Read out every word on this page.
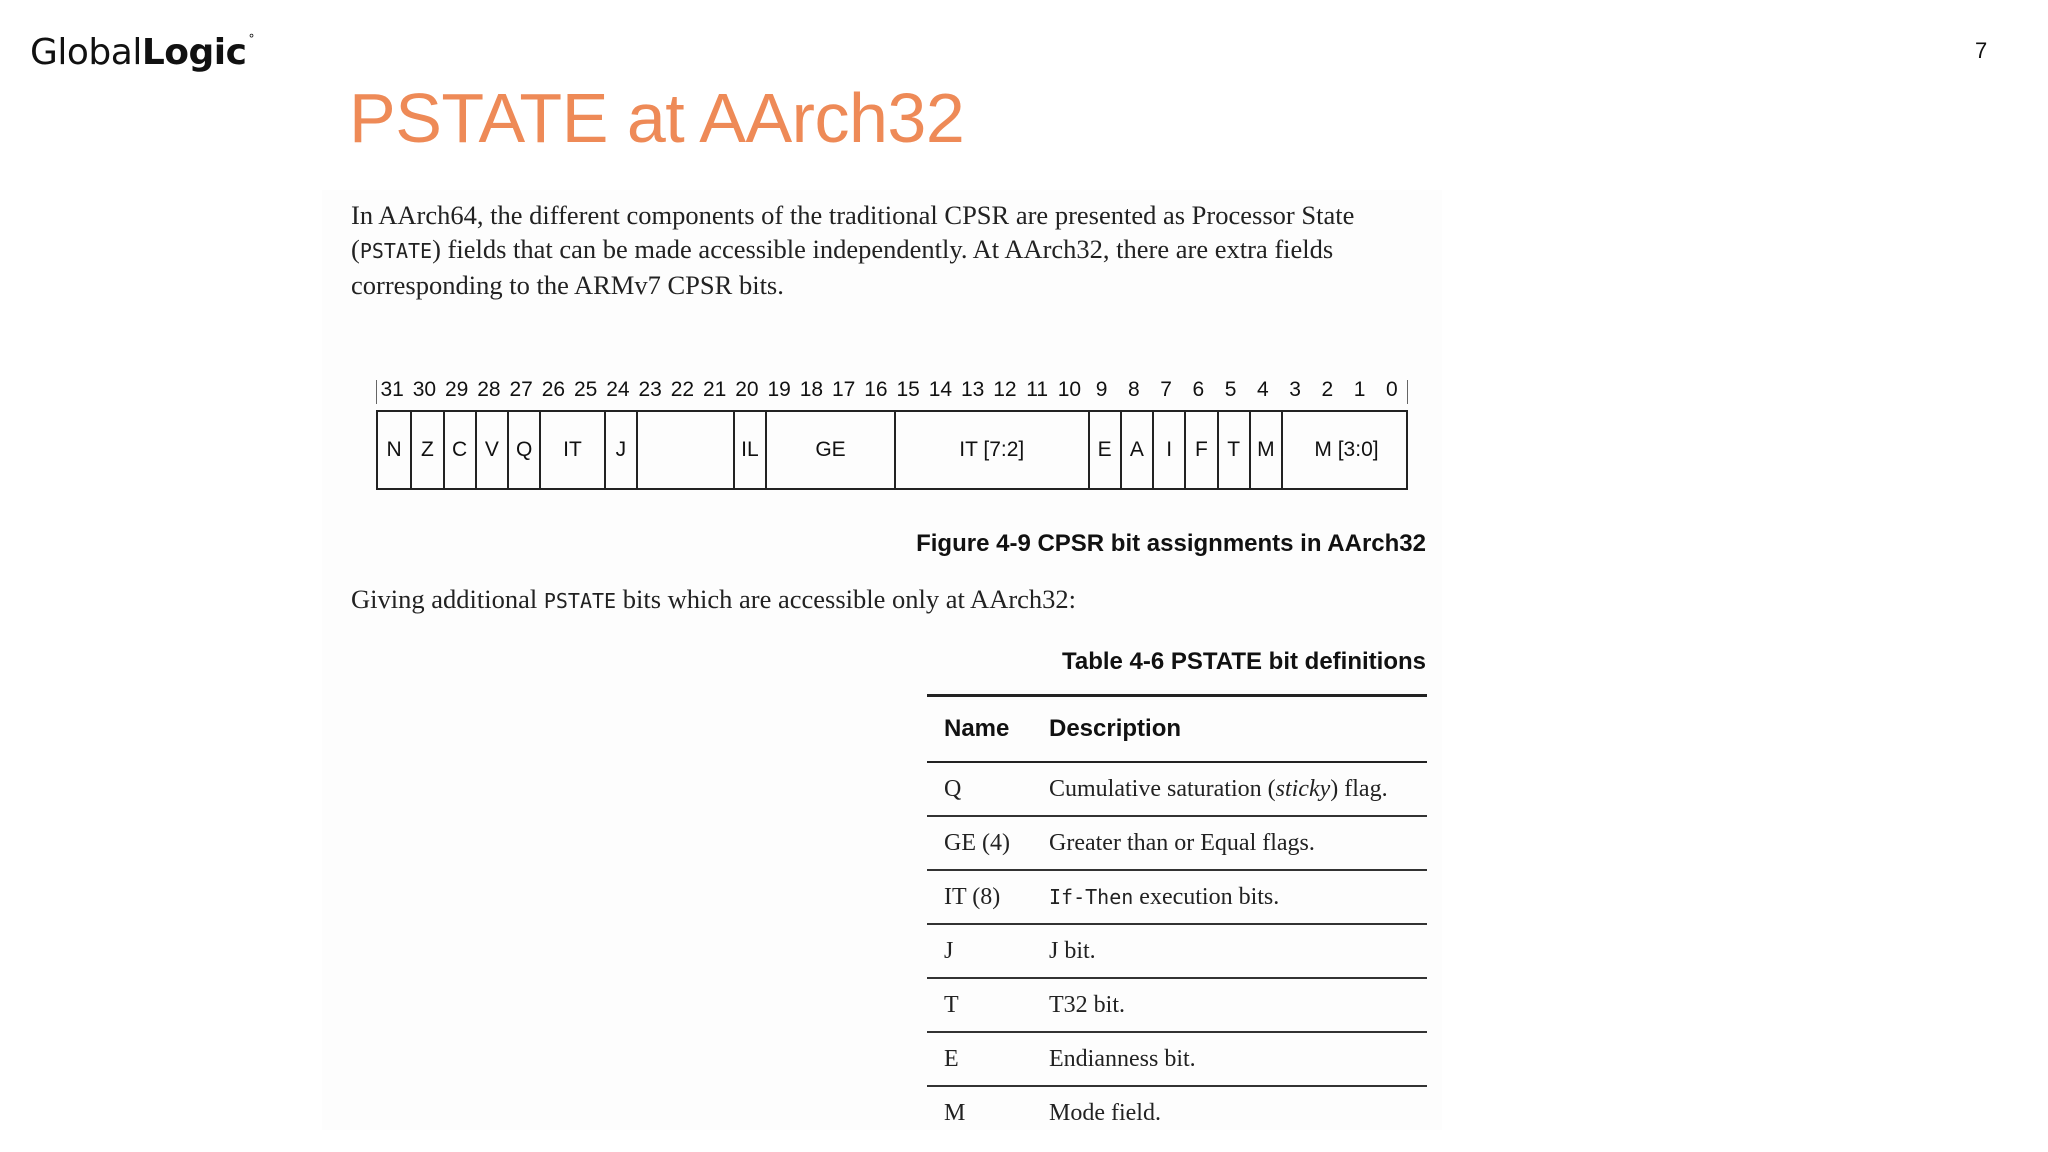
GlobalLogic °	7
PSTATE at AArch32

In AArch64, the different components of the traditional CPSR are presented as Processor State (PSTATE) fields that can be made accessible independently. At AArch32, there are extra fields corresponding to the ARMv7 CPSR bits.

31 30 29 28 27 26 25 24 23 22 21 20 19 18 17 16 15 14 13 12 11 10 9 8 7 6 5 4 3 2 1 0
N Z C V Q	IT	J	IL	GE	IT [7:2]	E A	I	F T M	M [3:0]
Figure 4-9 CPSR bit assignments in AArch32

Giving additional PSTATE bits which are accessible only at AArch32:

Table 4-6 PSTATE bit definitions
Name	Description
Q	Cumulative saturation (sticky) flag.
GE (4)	Greater than or Equal flags.
IT (8)	If-Then execution bits.
J	J bit.
T	T32 bit.
E	Endianness bit.
M	Mode field.
